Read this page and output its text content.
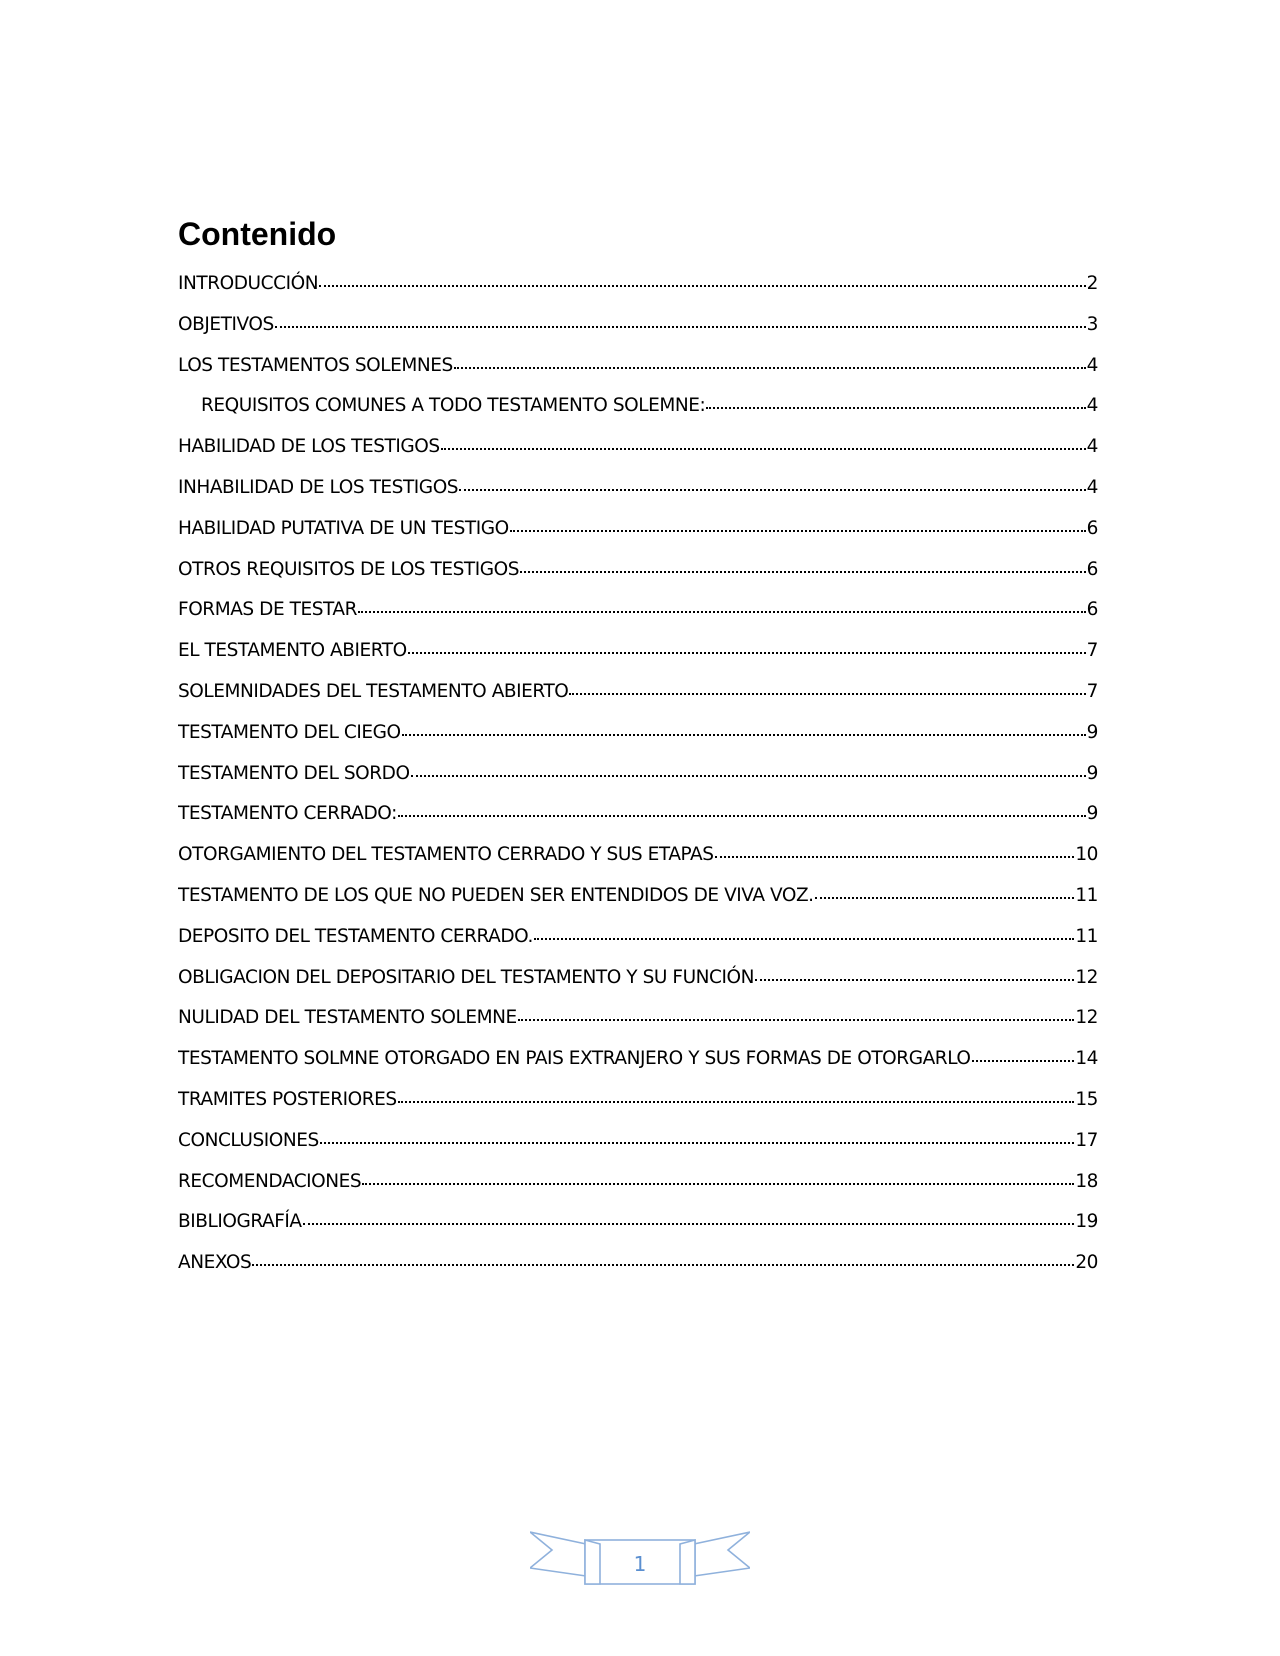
Contenido
INTRODUCCIÓN	2
OBJETIVOS	3
LOS TESTAMENTOS SOLEMNES	4
REQUISITOS COMUNES A TODO TESTAMENTO SOLEMNE:	4
HABILIDAD DE LOS TESTIGOS	4
INHABILIDAD DE LOS TESTIGOS	4
HABILIDAD PUTATIVA DE UN TESTIGO	6
OTROS REQUISITOS DE LOS TESTIGOS	6
FORMAS DE TESTAR	6
EL TESTAMENTO ABIERTO	7
SOLEMNIDADES DEL TESTAMENTO ABIERTO	7
TESTAMENTO DEL CIEGO	9
TESTAMENTO DEL SORDO	9
TESTAMENTO CERRADO:	9
OTORGAMIENTO DEL TESTAMENTO CERRADO Y SUS ETAPAS	10
TESTAMENTO DE LOS QUE NO PUEDEN SER ENTENDIDOS DE VIVA VOZ.	11
DEPOSITO DEL TESTAMENTO CERRADO.	11
OBLIGACION DEL DEPOSITARIO DEL TESTAMENTO Y SU FUNCIÓN	12
NULIDAD DEL TESTAMENTO SOLEMNE	12
TESTAMENTO SOLMNE OTORGADO EN PAIS EXTRANJERO Y SUS FORMAS DE OTORGARLO	14
TRAMITES POSTERIORES	15
CONCLUSIONES	17
RECOMENDACIONES	18
BIBLIOGRAFÍA	19
ANEXOS	20
1
